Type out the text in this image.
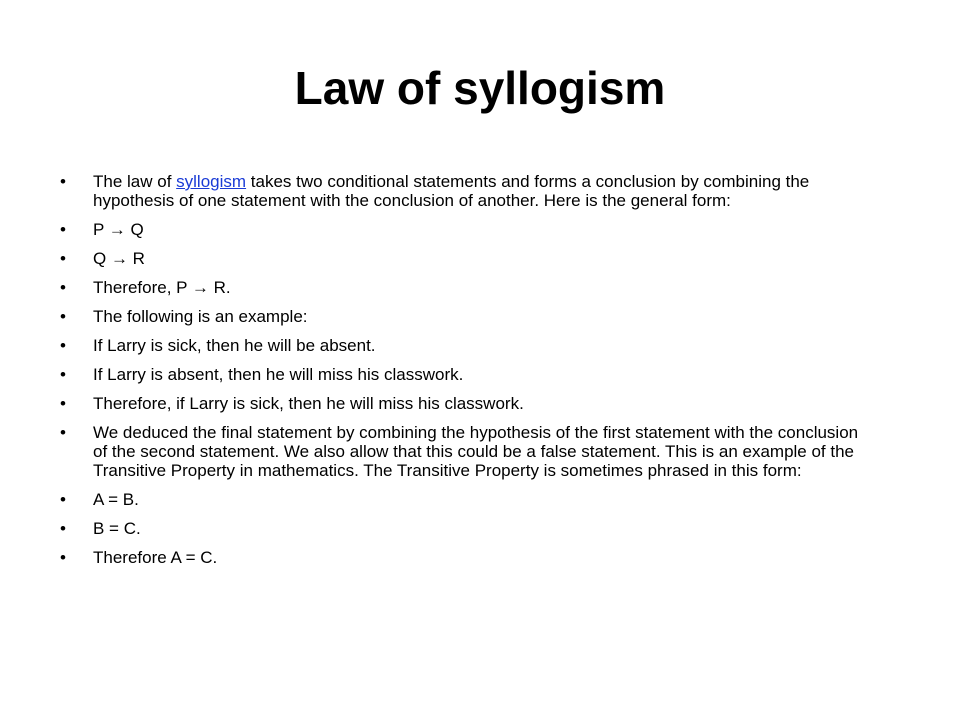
Law of syllogism
•
The law of syllogism takes two conditional statements and forms a conclusion by combining the hypothesis of one statement with the conclusion of another. Here is the general form:
•
P → Q
•
Q → R
•
Therefore, P → R.
•
The following is an example:
•
If Larry is sick, then he will be absent.
•
If Larry is absent, then he will miss his classwork.
•
Therefore, if Larry is sick, then he will miss his classwork.
•
We deduced the final statement by combining the hypothesis of the first statement with the conclusion of the second statement. We also allow that this could be a false statement. This is an example of the Transitive Property in mathematics. The Transitive Property is sometimes phrased in this form:
•
A = B.
•
B = C.
•
Therefore A = C.
